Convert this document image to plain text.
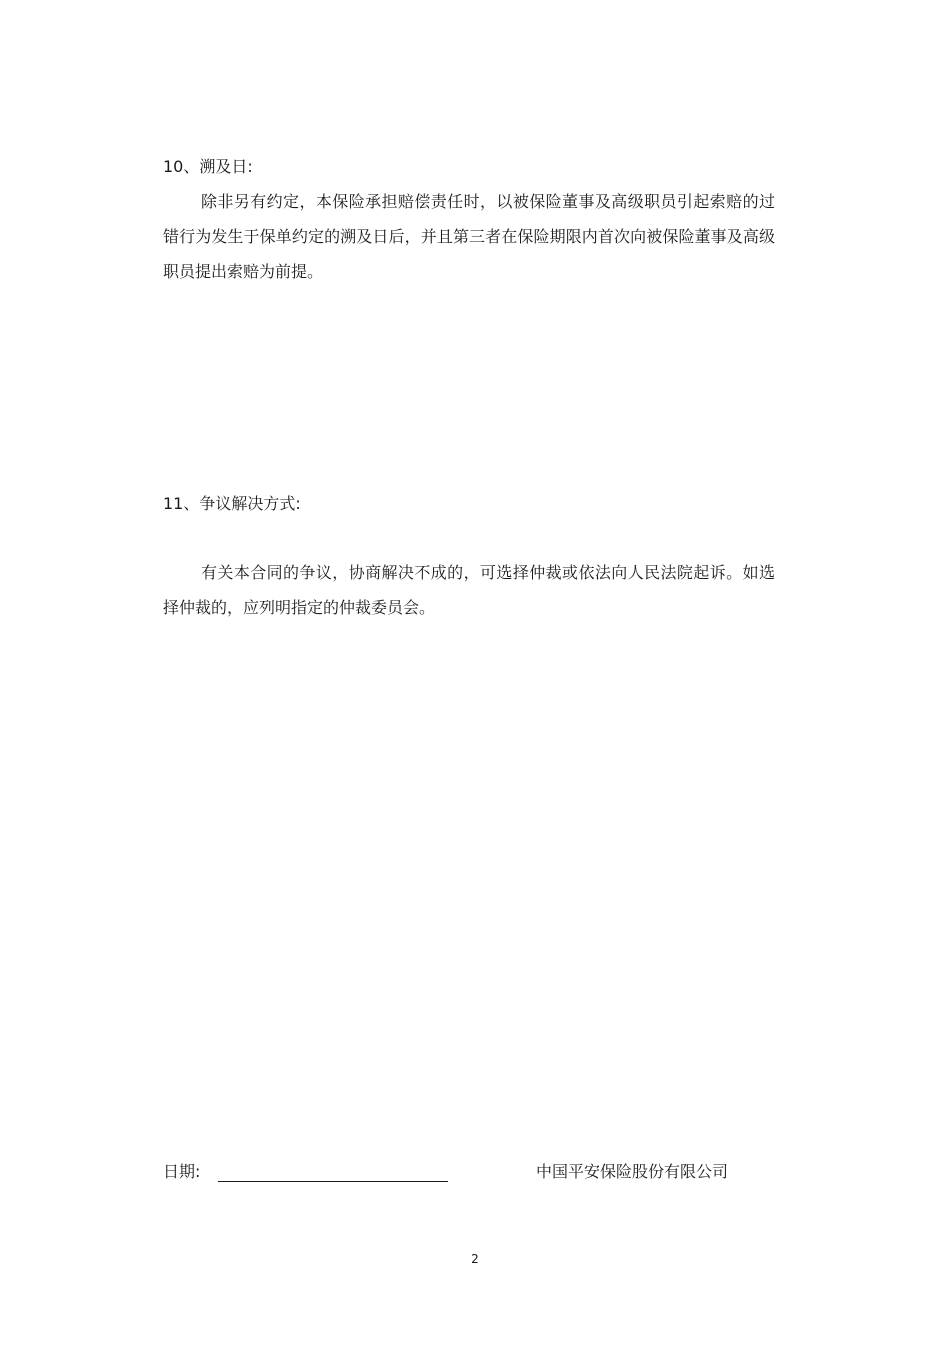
10、溯及日:
除非另有约定，本保险承担赔偿责任时，以被保险董事及高级职员引起索赔的过错行为发生于保单约定的溯及日后，并且第三者在保险期限内首次向被保险董事及高级职员提出索赔为前提。
11、争议解决方式:
有关本合同的争议，协商解决不成的，可选择仲裁或依法向人民法院起诉。如选择仲裁的，应列明指定的仲裁委员会。
日期:	中国平安保险股份有限公司
2
